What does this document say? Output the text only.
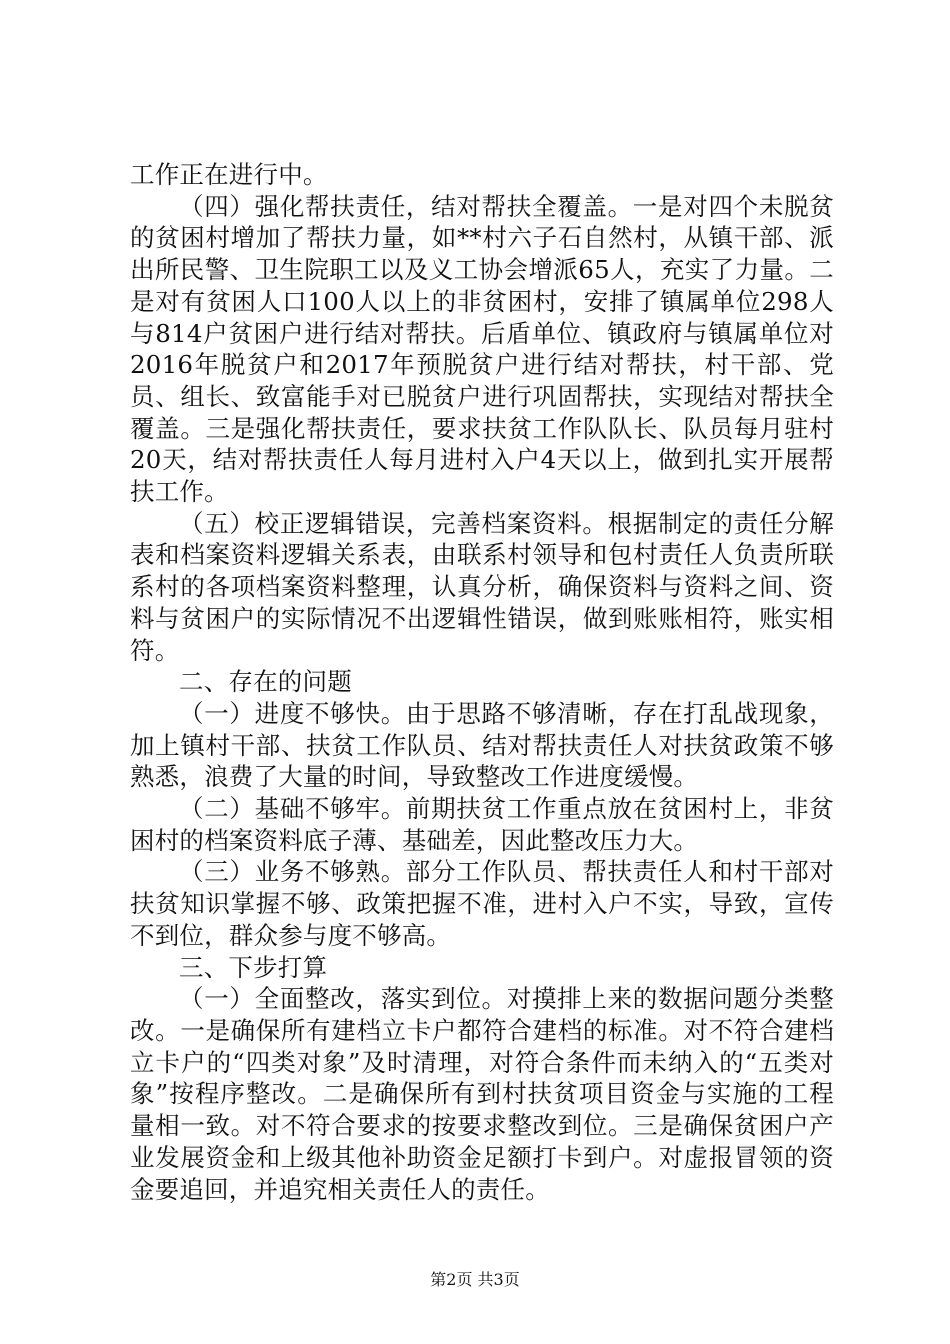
工作正在进行中。

（四）强化帮扶责任，结对帮扶全覆盖。一是对四个未脱贫的贫困村增加了帮扶力量，如**村六子石自然村，从镇干部、派出所民警、卫生院职工以及义工协会增派65人，充实了力量。二是对有贫困人口100人以上的非贫困村，安排了镇属单位298人与814户贫困户进行结对帮扶。后盾单位、镇政府与镇属单位对2016年脱贫户和2017年预脱贫户进行结对帮扶，村干部、党员、组长、致富能手对已脱贫户进行巩固帮扶，实现结对帮扶全覆盖。三是强化帮扶责任，要求扶贫工作队队长、队员每月驻村20天，结对帮扶责任人每月进村入户4天以上，做到扎实开展帮扶工作。

（五）校正逻辑错误，完善档案资料。根据制定的责任分解表和档案资料逻辑关系表，由联系村领导和包村责任人负责所联系村的各项档案资料整理，认真分析，确保资料与资料之间、资料与贫困户的实际情况不出逻辑性错误，做到账账相符，账实相符。

二、存在的问题

（一）进度不够快。由于思路不够清晰，存在打乱战现象，加上镇村干部、扶贫工作队员、结对帮扶责任人对扶贫政策不够熟悉，浪费了大量的时间，导致整改工作进度缓慢。

（二）基础不够牢。前期扶贫工作重点放在贫困村上，非贫困村的档案资料底子薄、基础差，因此整改压力大。

（三）业务不够熟。部分工作队员、帮扶责任人和村干部对扶贫知识掌握不够、政策把握不准，进村入户不实，导致，宣传不到位，群众参与度不够高。

三、下步打算

（一）全面整改，落实到位。对摸排上来的数据问题分类整改。一是确保所有建档立卡户都符合建档的标准。对不符合建档立卡户的“四类对象”及时清理，对符合条件而未纳入的“五类对象”按程序整改。二是确保所有到村扶贫项目资金与实施的工程量相一致。对不符合要求的按要求整改到位。三是确保贫困户产业发展资金和上级其他补助资金足额打卡到户。对虚报冒领的资金要追回，并追究相关责任人的责任。

第2页 共3页
